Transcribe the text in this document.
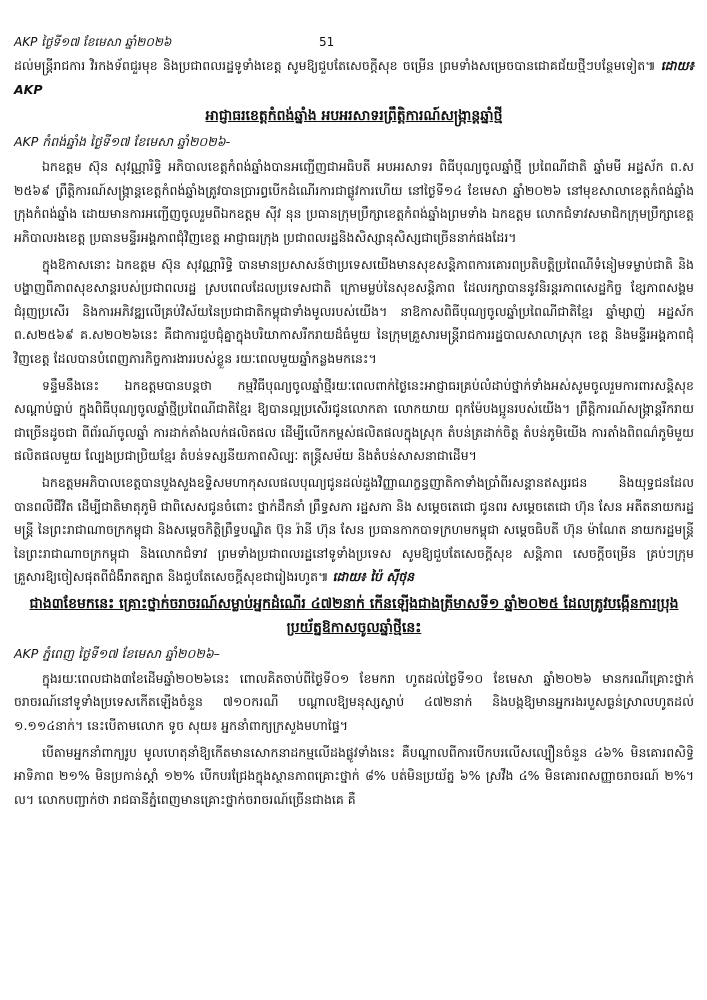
AKP ថ្ងៃទី១៧ ខែមេសា ឆ្នាំ២០២៦	51

ដល់មន្ត្រីរាជការ វិរកងទ័ពជួរមុខ និងប្រជាពលរដ្ឋទូទាំងខេត្ត សូមឱ្យជួបតែសេចក្តីសុខ ចម្រើន ព្រមទាំងសម្រេចបានជោគជ័យថ្មីៗបន្ថែមទៀត៕ ដោយ៖ AKP

អាជ្ញាធរខេត្តកំពង់ឆ្នាំង អបអរសាទរព្រឹត្តិការណ៍សង្ក្រាន្តឆ្នាំថ្មី
AKP កំពង់ឆ្នាំង ថ្ងៃទី១៧ ខែមេសា ឆ្នាំ២០២៦-

ឯកឧត្តម ស៊ុន សុវណ្ណារិទ្ធិ អភិបាលខេត្តកំពង់ឆ្នាំងបានអញ្ជើញជាអធិបតី អបអរសាទរ ពិធីបុណ្យចូលឆ្នាំថ្មី ប្រពៃណីជាតិ ឆ្នាំមមី អដ្ឋស័ក ព.ស ២៥៦៩ ព្រឹត្តិការណ៍សង្ក្រាន្តខេត្តកំពង់ឆ្នាំងត្រូវបានប្រារព្ធបើកដំណើរការជាផ្លូវការហើយ នៅថ្ងៃទី១៤ ខែមេសា ឆ្នាំ២០២៦ នៅមុខសាលាខេត្តកំពង់ឆ្នាំង ក្រុងកំពង់ឆ្នាំង ដោយមានការអញ្ជើញចូលរួមពីឯកឧត្តម ស៊ីវ នុន ប្រធានក្រុមប្រឹក្សាខេត្តកំពង់ឆ្នាំងព្រមទាំង ឯកឧត្តម លោកជំទាវសមាជិកក្រុមប្រឹក្សាខេត្ត អភិបាលរងខេត្ត ប្រធានមន្ទីរអង្គភាពជុំវិញខេត្ត អាជ្ញាធរក្រុង ប្រជាពលរដ្ឋនិងសិស្សានុសិស្សជាច្រើននាក់ផងដែរ។

ក្នុងឱកាសនោះ ឯកឧត្តម ស៊ុន សុវណ្ណារិទ្ធិ បានមានប្រសាសន៍ថាប្រទេសយើងមានសុខសន្តិភាពការគោរពប្រតិបត្តិប្រពៃណីទំនៀមទម្លាប់ជាតិ និងបង្ហាញពីភាពសុខសាន្តរបស់ប្រជាពលរដ្ឋ ស្របពេលដែលប្រទេសជាតិ ក្រោមម្លប់នៃសុខសន្តិភាព ដែលរក្សាបាននូវនិរន្តរភាពសេដ្ឋកិច្ច ខ្សែភាពសង្គម ជំរុញប្រសើរ និងការអភិវឌ្ឍលើគ្រប់វិស័យនៃប្រជាជាតិកម្ពុជាទាំងមូលរបស់យើង។ នាឱកាសពិធីបុណ្យចូលឆ្នាំប្រពៃណីជាតិខ្មែរ ឆ្នាំម្សាញ់ អដ្ឋស័ក ព.ស២៥៦៩ គ.ស២០២៦នេះ គឺជាការជួបជុំគ្នាក្នុងបរិយាកាសរីករាយដ៏ធំមួយ នៃក្រុមគ្រួសារមន្ត្រីរាជការរដ្ឋបាលសាលាស្រុក ខេត្ត និងមន្ទីរអង្គភាពជុំវិញខេត្ត ដែលបានបំពេញភារកិច្ចការងាររបស់ខ្លួន រយៈពេលមួយឆ្នាំកន្លងមកនេះ។

ទន្ទឹមនឹងនេះ ឯកឧត្តមបានបន្តថា កម្មវិធីបុណ្យចូលឆ្នាំថ្មីរយៈពេលពាក់ថ្ងៃនេះអាជ្ញាធរគ្រប់លំដាប់ថ្នាក់ទាំងអស់សូមចូលរួមការពារសន្តិសុខសណ្តាប់ធ្នាប់ ក្នុងពិធីបុណ្យចូលឆ្នាំថ្មីប្រពៃណីជាតិខ្មែរ ឱ្យបាន​ល្អប្រសើរជូនលោកតា លោកយាយ ពុកម៉ែបងប្អូនរបស់យើង។ ព្រឹត្តិការណ៍សង្ក្រាន្តរីករាយជាច្រើនដូចជា ពីព័រណ៍ចូលឆ្នាំ ការដាក់តាំងលក់ផលិតផល ដើម្បីលើកកម្ពស់ផលិតផលក្នុងស្រុក តំបន់ត្រដាក់ចិត្ត តំបន់ភូមិយើង ការតាំងពិពណ៌ភូមិមួយផលិតផលមួយ ល្បែងប្រជាប្រិយខ្មែរ តំបន់ទស្សនីយភាពសិល្បៈ តន្ត្រីសម័យ និងតំបន់សាសនាជាដើម។

ឯកឧត្តមអភិបាលខេត្តបានបួងសួងឧទ្ទិសមហាកុសលផលបុណ្យជូនដល់ដួងវិញ្ញាណក្ខន្ធញាតិកាទាំងប្រាំពីរសន្តានឥស្សរជន និងយុទ្ធជនដែលបានពលីជីវិត ដើម្បីជាតិមាតុភូមិ ជាពិសេសជូនចំពោះ ថ្នាក់ដឹកនាំ ព្រឹទ្ធសភា រដ្ឋសភា និង សម្តេចតេជោ ជូនពរ សម្តេចតេជោ ហ៊ុន សែន អតីតនាយករដ្ឋមន្ត្រី នៃព្រះរាជាណាចក្រកម្ពុជា និងសម្តេចកិត្តិព្រឹទ្ធបណ្ឌិត ប៊ុន រ៉ានី ហ៊ុន សែន ប្រធានកាកបាទក្រហមកម្ពុជា សម្តេចធិបតី ហ៊ុន ម៉ាណែត នាយករដ្ឋមន្ត្រីនៃព្រះរាជាណាចក្រកម្ពុជា និងលោកជំទាវ ព្រមទាំងប្រជាពលរដ្ឋនៅទូទាំងប្រទេស សូមឱ្យជួបតែសេចក្តីសុខ សន្តិភាព សេចក្តីចម្រើន គ្រប់ៗក្រុមគ្រួសារឱ្យចៀសផុតពីជំងឺរាតត្បាត និងជួបតែសេចក្តីសុខជារៀងរហូត៕ ដោយ៖ ប៉ៃ ស៊ីថុន

ជាង៣ខែមកនេះ គ្រោះថ្នាក់ចរាចរណ៍សម្លាប់អ្នកដំណើរ ៤៧២នាក់ កើនឡើងជាងត្រីមាសទី១ ឆ្នាំ២០២៥ ដែលត្រូវបង្កើនការប្រុងប្រយ័ត្នឱកាសចូលឆ្នាំថ្មីនេះ
AKP ភ្នំពេញ ថ្ងៃទី១៧ ខែមេសា ឆ្នាំ២០២៦–

ក្នុងរយៈពេលជាង៣ខែដើមឆ្នាំ២០២៦នេះ ពោលគិតចាប់ពីថ្ងៃទី០១ ខែមករា ហូតដល់ថ្ងៃទី១០ ខែមេសា ឆ្នាំ២០២៦ មានករណីគ្រោះថ្នាក់ចរាចរណ៍នៅទូទាំងប្រទេសកើតឡើងចំនួន ៧១០ករណី បណ្តាលឱ្យមនុស្សស្លាប់ ៤៧២នាក់ និងបង្កឱ្យមានអ្នករងរបួសធ្ងន់ស្រាលហូតដល់ ១.១១៤នាក់។ នេះបើតាមលោក ទូច សុយ៖ អ្នកនាំពាក្យក្រសួងមហាផ្ទៃ។

បើតាមអ្នកនាំពាក្យរូប មូលហេតុនាំឱ្យកើតមានសោកនាដកម្មលើដងផ្លូវទាំងនេះ គឺបណ្តាលពីការបើកបរលើសល្បឿនចំនួន ៤៦% មិនគោរពសិទ្ធិអាទិភាព ២១% មិនប្រកាន់ស្តាំ ១២% បើកបរជ្រែងក្នុងស្ថានភាពគ្រោះថ្នាក់ ៨% បត់មិនប្រយ័ត្ន ៦% ស្រវឹង ៤% មិនគោរពសញ្ញាចរាចរណ៍ ២%។ល។ លោកបញ្ជាក់ថា រាជធានីភ្នំពេញមានគ្រោះថ្នាក់ចរាចរណ៍ច្រើនជាងគេ គឺ
